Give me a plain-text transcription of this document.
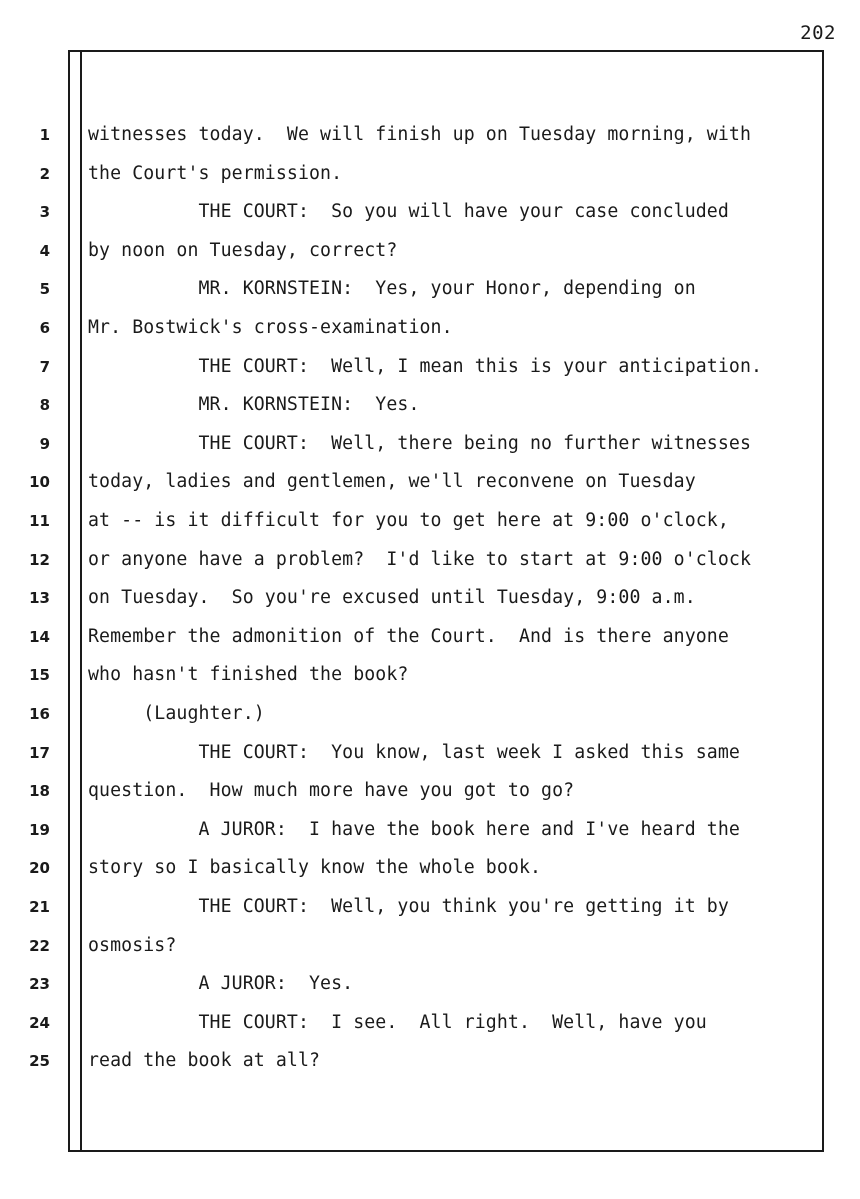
202
1 witnesses today.  We will finish up on Tuesday morning, with
2 the Court's permission.
3 THE COURT:  So you will have your case concluded
4 by noon on Tuesday, correct?
5 MR. KORNSTEIN:  Yes, your Honor, depending on
6 Mr. Bostwick's cross-examination.
7 THE COURT:  Well, I mean this is your anticipation.
8 MR. KORNSTEIN:  Yes.
9 THE COURT:  Well, there being no further witnesses
10 today, ladies and gentlemen, we'll reconvene on Tuesday
11 at -- is it difficult for you to get here at 9:00 o'clock,
12 or anyone have a problem?  I'd like to start at 9:00 o'clock
13 on Tuesday.  So you're excused until Tuesday, 9:00 a.m.
14 Remember the admonition of the Court.  And is there anyone
15 who hasn't finished the book?
16 (Laughter.)
17 THE COURT:  You know, last week I asked this same
18 question.  How much more have you got to go?
19 A JUROR:  I have the book here and I've heard the
20 story so I basically know the whole book.
21 THE COURT:  Well, you think you're getting it by
22 osmosis?
23 A JUROR:  Yes.
24 THE COURT:  I see.  All right.  Well, have you
25 read the book at all?
